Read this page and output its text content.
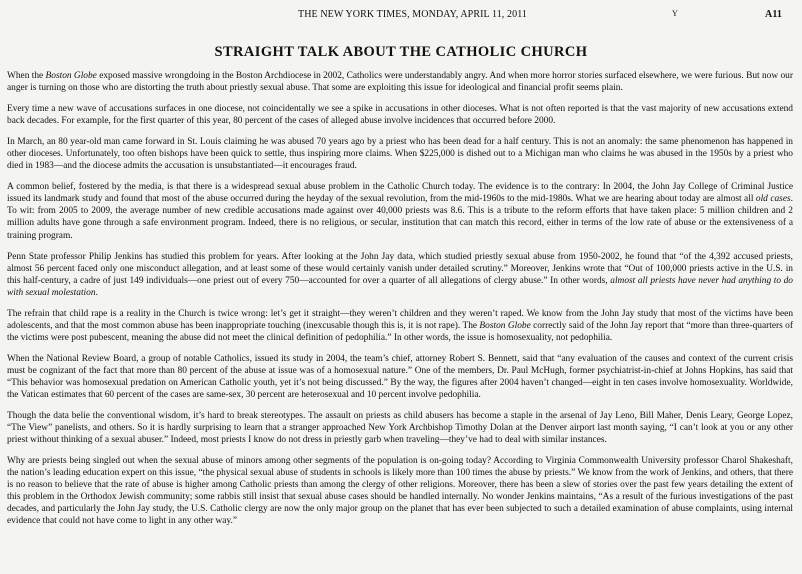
THE NEW YORK TIMES, MONDAY, APRIL 11, 2011	Y	A11
STRAIGHT TALK ABOUT THE CATHOLIC CHURCH

When the Boston Globe exposed massive wrongdoing in the Boston Archdiocese in 2002, Catholics were understandably angry. And when more horror stories surfaced elsewhere, we were furious. But now our anger is turning on those who are distorting the truth about priestly sexual abuse. That some are exploiting this issue for ideological and financial profit seems plain.

Every time a new wave of accusations surfaces in one diocese, not coincidentally we see a spike in accusations in other dioceses. What is not often reported is that the vast majority of new accusations extend back decades. For example, for the first quarter of this year, 80 percent of the cases of alleged abuse involve incidences that occurred before 2000.

In March, an 80 year-old man came forward in St. Louis claiming he was abused 70 years ago by a priest who has been dead for a half century. This is not an anomaly: the same phenomenon has happened in other dioceses. Unfortunately, too often bishops have been quick to settle, thus inspiring more claims. When $225,000 is dished out to a Michigan man who claims he was abused in the 1950s by a priest who died in 1983—and the diocese admits the accusation is unsubstantiated—it encourages fraud.

A common belief, fostered by the media, is that there is a widespread sexual abuse problem in the Catholic Church today. The evidence is to the contrary: In 2004, the John Jay College of Criminal Justice issued its landmark study and found that most of the abuse occurred during the heyday of the sexual revolution, from the mid-1960s to the mid-1980s. What we are hearing about today are almost all old cases. To wit: from 2005 to 2009, the average number of new credible accusations made against over 40,000 priests was 8.6. This is a tribute to the reform efforts that have taken place: 5 million children and 2 million adults have gone through a safe environment program. Indeed, there is no religious, or secular, institution that can match this record, either in terms of the low rate of abuse or the extensiveness of a training program.

Penn State professor Philip Jenkins has studied this problem for years. After looking at the John Jay data, which studied priestly sexual abuse from 1950-2002, he found that “of the 4,392 accused priests, almost 56 percent faced only one misconduct allegation, and at least some of these would certainly vanish under detailed scrutiny.” Moreover, Jenkins wrote that “Out of 100,000 priests active in the U.S. in this half-century, a cadre of just 149 individuals—one priest out of every 750—accounted for over a quarter of all allegations of clergy abuse.” In other words, almost all priests have never had anything to do with sexual molestation.

The refrain that child rape is a reality in the Church is twice wrong: let’s get it straight—they weren’t children and they weren’t raped. We know from the John Jay study that most of the victims have been adolescents, and that the most common abuse has been inappropriate touching (inexcusable though this is, it is not rape). The Boston Globe correctly said of the John Jay report that “more than three-quarters of the victims were post pubescent, meaning the abuse did not meet the clinical definition of pedophilia.” In other words, the issue is homosexuality, not pedophilia.

When the National Review Board, a group of notable Catholics, issued its study in 2004, the team’s chief, attorney Robert S. Bennett, said that “any evaluation of the causes and context of the current crisis must be cognizant of the fact that more than 80 percent of the abuse at issue was of a homosexual nature.” One of the members, Dr. Paul McHugh, former psychiatrist-in-chief at Johns Hopkins, has said that “This behavior was homosexual predation on American Catholic youth, yet it’s not being discussed.” By the way, the figures after 2004 haven’t changed—eight in ten cases involve homosexuality. Worldwide, the Vatican estimates that 60 percent of the cases are same-sex, 30 percent are heterosexual and 10 percent involve pedophilia.

Though the data belie the conventional wisdom, it’s hard to break stereotypes. The assault on priests as child abusers has become a staple in the arsenal of Jay Leno, Bill Maher, Denis Leary, George Lopez, “The View” panelists, and others. So it is hardly surprising to learn that a stranger approached New York Archbishop Timothy Dolan at the Denver airport last month saying, “I can’t look at you or any other priest without thinking of a sexual abuser.” Indeed, most priests I know do not dress in priestly garb when traveling—they’ve had to deal with similar instances.

Why are priests being singled out when the sexual abuse of minors among other segments of the population is on-going today? According to Virginia Commonwealth University professor Charol Shakeshaft, the nation’s leading education expert on this issue, “the physical sexual abuse of students in schools is likely more than 100 times the abuse by priests.” We know from the work of Jenkins, and others, that there is no reason to believe that the rate of abuse is higher among Catholic priests than among the clergy of other religions. Moreover, there has been a slew of stories over the past few years detailing the extent of this problem in the Orthodox Jewish community; some rabbis still insist that sexual abuse cases should be handled internally. No wonder Jenkins maintains, “As a result of the furious investigations of the past decades, and particularly the John Jay study, the U.S. Catholic clergy are now the only major group on the planet that has ever been subjected to such a detailed examination of abuse complaints, using internal evidence that could not have come to light in any other way.”
